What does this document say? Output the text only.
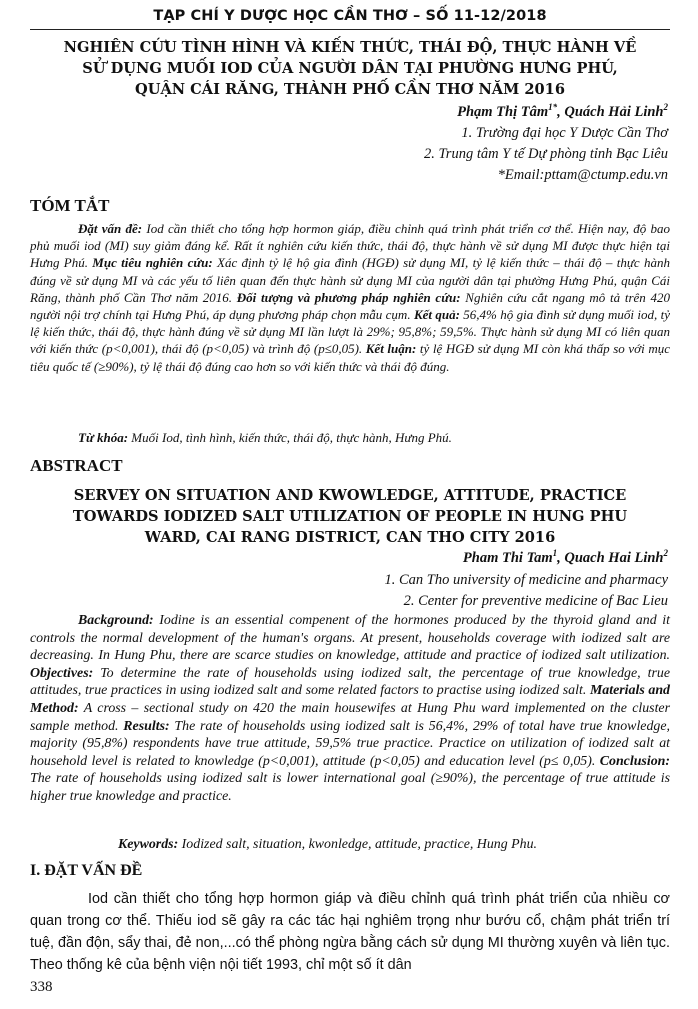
TẠP CHÍ Y DƯỢC HỌC CẦN THƠ – SỐ 11-12/2018
NGHIÊN CỨU TÌNH HÌNH VÀ KIẾN THỨC, THÁI ĐỘ, THỰC HÀNH VỀ
SỬ DỤNG MUỐI IOD CỦA NGƯỜI DÂN TẠI PHƯỜNG HƯNG PHÚ,
QUẬN CÁI RĂNG, THÀNH PHỐ CẦN THƠ NĂM 2016
Phạm Thị Tâm$^{1*}$, Quách Hải Linh$^2$
1. Trường đại học Y Dược Cần Thơ
2. Trung tâm Y tế Dự phòng tỉnh Bạc Liêu
*Email:pttam@ctump.edu.vn
TÓM TẮT

Đặt vấn đề: Iod cần thiết cho tổng hợp hormon giáp, điều chỉnh quá trình phát triển cơ thể. Hiện nay, độ bao phủ muối iod (MI) suy giảm đáng kể. Rất ít nghiên cứu kiến thức, thái độ, thực hành về sử dụng MI được thực hiện tại Hưng Phú. Mục tiêu nghiên cứu: Xác định tỷ lệ hộ gia đình (HGĐ) sử dụng MI, tỷ lệ kiến thức – thái độ – thực hành đúng về sử dụng MI và các yếu tố liên quan đến thực hành sử dụng MI của người dân tại phường Hưng Phú, quận Cái Răng, thành phố Cần Thơ năm 2016. Đối tượng và phương pháp nghiên cứu: Nghiên cứu cắt ngang mô tả trên 420 người nội trợ chính tại Hưng Phú, áp dụng phương pháp chọn mẫu cụm. Kết quả: 56,4% hộ gia đình sử dụng muối iod, tỷ lệ kiến thức, thái độ, thực hành đúng về sử dụng MI lần lượt là 29%; 95,8%; 59,5%. Thực hành sử dụng MI có liên quan với kiến thức (p<0,001), thái độ (p<0,05) và trình độ (p≤0,05). Kết luận: tỷ lệ HGĐ sử dụng MI còn khá thấp so với mục tiêu quốc tế (≥90%), tỷ lệ thái độ đúng cao hơn so với kiến thức và thái độ đúng.

Từ khóa: Muối Iod, tình hình, kiến thức, thái độ, thực hành, Hưng Phú.
ABSTRACT
SERVEY ON SITUATION AND KWOWLEDGE, ATTITUDE, PRACTICE
TOWARDS IODIZED SALT UTILIZATION OF PEOPLE IN HUNG PHU
WARD, CAI RANG DISTRICT, CAN THO CITY 2016
Pham Thi Tam$^1$, Quach Hai Linh$^2$
1. Can Tho university of medicine and pharmacy
2. Center for preventive medicine of Bac Lieu

Background: Iodine is an essential compenent of the hormones produced by the thyroid gland and it controls the normal development of the human's organs. At present, households coverage with iodized salt are decreasing. In Hung Phu, there are scarce studies on knowledge, attitude and practice of iodized salt utilization. Objectives: To determine the rate of households using iodized salt, the percentage of true knowledge, true attitudes, true practices in using iodized salt and some related factors to practise using iodized salt. Materials and Method: A cross – sectional study on 420 the main housewifes at Hung Phu ward implemented on the cluster sample method. Results: The rate of households using iodized salt is 56,4%, 29% of total have true knowledge, majority (95,8%) respondents have true attitude, 59,5% true practice. Practice on utilization of iodized salt at household level is related to knowledge (p<0,001), attitude (p<0,05) and education level (p≤ 0,05). Conclusion: The rate of households using iodized salt is lower international goal (≥90%), the percentage of true attitude is higher true knowledge and practice.

Keywords: Iodized salt, situation, kwonledge, attitude, practice, Hung Phu.
I. ĐẶT VẤN ĐỀ

Iod cần thiết cho tổng hợp hormon giáp và điều chỉnh quá trình phát triển của nhiều cơ quan trong cơ thể. Thiếu iod sẽ gây ra các tác hại nghiêm trọng như bướu cổ, chậm phát triển trí tuệ, đần độn, sẩy thai, đẻ non,...có thể phòng ngừa bằng cách sử dụng MI thường xuyên và liên tục. Theo thống kê của bệnh viện nội tiết 1993, chỉ một số ít dân

338
